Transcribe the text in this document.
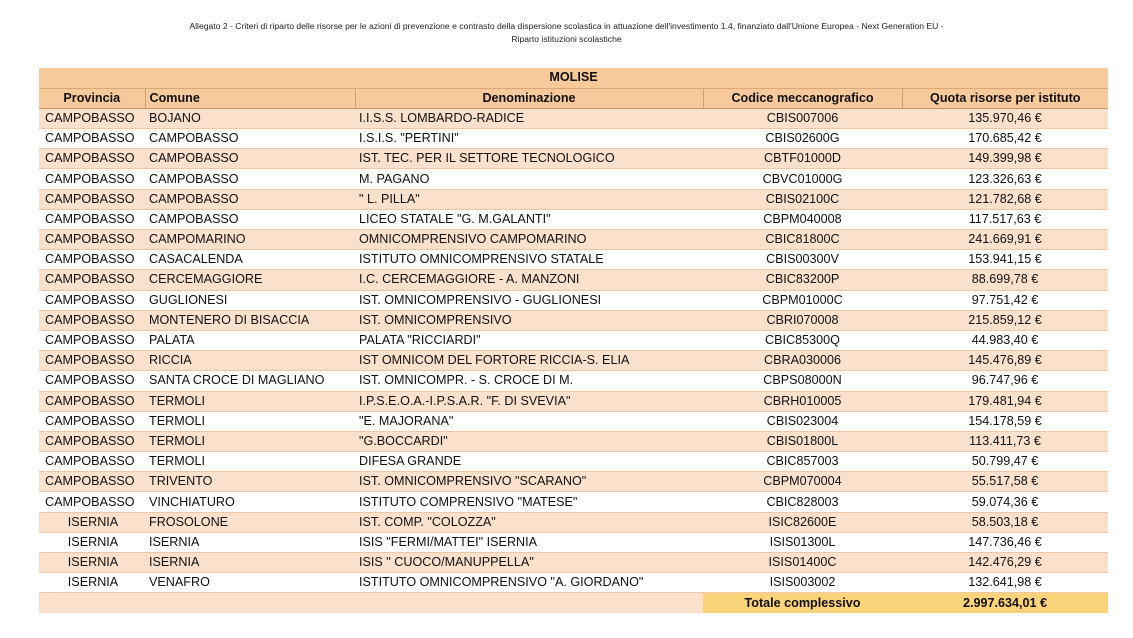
Allegato 2 - Criteri di riparto delle risorse per le azioni di prevenzione e contrasto della dispersione scolastica in attuazione dell'investimento 1.4, finanziato dall'Unione Europea - Next Generation EU -
Riparto istituzioni scolastiche
MOLISE				
Provincia	Comune	Denominazione	Codice meccanografico	Quota risorse per istituto
CAMPOBASSO	BOJANO	I.I.S.S. LOMBARDO-RADICE	CBIS007006	135.970,46 €
CAMPOBASSO	CAMPOBASSO	I.S.I.S. "PERTINI"	CBIS02600G	170.685,42 €
CAMPOBASSO	CAMPOBASSO	IST. TEC. PER IL SETTORE TECNOLOGICO	CBTF01000D	149.399,98 €
CAMPOBASSO	CAMPOBASSO	M. PAGANO	CBVC01000G	123.326,63 €
CAMPOBASSO	CAMPOBASSO	" L. PILLA"	CBIS02100C	121.782,68 €
CAMPOBASSO	CAMPOBASSO	LICEO STATALE "G. M.GALANTI"	CBPM040008	117.517,63 €
CAMPOBASSO	CAMPOMARINO	OMNICOMPRENSIVO CAMPOMARINO	CBIC81800C	241.669,91 €
CAMPOBASSO	CASACALENDA	ISTITUTO OMNICOMPRENSIVO STATALE	CBIS00300V	153.941,15 €
CAMPOBASSO	CERCEMAGGIORE	I.C. CERCEMAGGIORE - A. MANZONI	CBIC83200P	88.699,78 €
CAMPOBASSO	GUGLIONESI	IST. OMNICOMPRENSIVO - GUGLIONESI	CBPM01000C	97.751,42 €
CAMPOBASSO	MONTENERO DI BISACCIA	IST. OMNICOMPRENSIVO	CBRI070008	215.859,12 €
CAMPOBASSO	PALATA	PALATA "RICCIARDI"	CBIC85300Q	44.983,40 €
CAMPOBASSO	RICCIA	IST OMNICOM DEL FORTORE RICCIA-S. ELIA	CBRA030006	145.476,89 €
CAMPOBASSO	SANTA CROCE DI MAGLIANO	IST. OMNICOMPR. - S. CROCE DI M.	CBPS08000N	96.747,96 €
CAMPOBASSO	TERMOLI	I.P.S.E.O.A.-I.P.S.A.R. "F. DI SVEVIA"	CBRH010005	179.481,94 €
CAMPOBASSO	TERMOLI	"E. MAJORANA"	CBIS023004	154.178,59 €
CAMPOBASSO	TERMOLI	"G.BOCCARDI"	CBIS01800L	113.411,73 €
CAMPOBASSO	TERMOLI	DIFESA GRANDE	CBIC857003	50.799,47 €
CAMPOBASSO	TRIVENTO	IST. OMNICOMPRENSIVO "SCARANO"	CBPM070004	55.517,58 €
CAMPOBASSO	VINCHIATURO	ISTITUTO COMPRENSIVO "MATESE"	CBIC828003	59.074,36 €
ISERNIA	FROSOLONE	IST. COMP. "COLOZZA"	ISIC82600E	58.503,18 €
ISERNIA	ISERNIA	ISIS "FERMI/MATTEI" ISERNIA	ISIS01300L	147.736,46 €
ISERNIA	ISERNIA	ISIS " CUOCO/MANUPPELLA"	ISIS01400C	142.476,29 €
ISERNIA	VENAFRO	ISTITUTO OMNICOMPRENSIVO "A. GIORDANO"	ISIS003002	132.641,98 €
			Totale complessivo	2.997.634,01 €
